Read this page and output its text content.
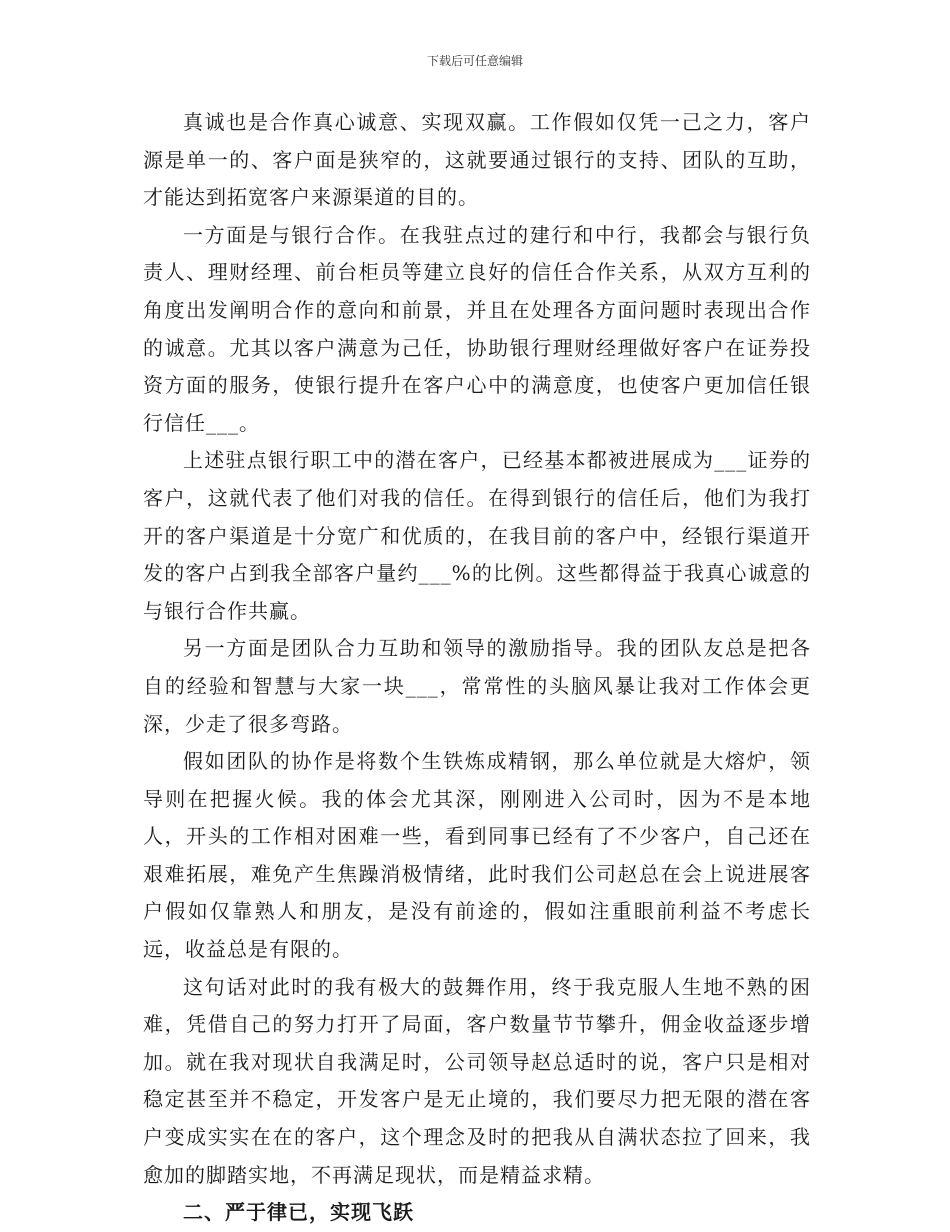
下载后可任意编辑

真诚也是合作真心诚意、实现双赢。工作假如仅凭一己之力，客户源是单一的、客户面是狭窄的，这就要通过银行的支持、团队的互助，才能达到拓宽客户来源渠道的目的。

一方面是与银行合作。在我驻点过的建行和中行，我都会与银行负责人、理财经理、前台柜员等建立良好的信任合作关系，从双方互利的角度出发阐明合作的意向和前景，并且在处理各方面问题时表现出合作的诚意。尤其以客户满意为己任，协助银行理财经理做好客户在证券投资方面的服务，使银行提升在客户心中的满意度，也使客户更加信任银行信任___。

上述驻点银行职工中的潜在客户，已经基本都被进展成为___证券的客户，这就代表了他们对我的信任。在得到银行的信任后，他们为我打开的客户渠道是十分宽广和优质的，在我目前的客户中，经银行渠道开发的客户占到我全部客户量约___%的比例。这些都得益于我真心诚意的与银行合作共赢。

另一方面是团队合力互助和领导的激励指导。我的团队友总是把各自的经验和智慧与大家一块___，常常性的头脑风暴让我对工作体会更深，少走了很多弯路。

假如团队的协作是将数个生铁炼成精钢，那么单位就是大熔炉，领导则在把握火候。我的体会尤其深，刚刚进入公司时，因为不是本地人，开头的工作相对困难一些，看到同事已经有了不少客户，自己还在艰难拓展，难免产生焦躁消极情绪，此时我们公司赵总在会上说进展客户假如仅靠熟人和朋友，是没有前途的，假如注重眼前利益不考虑长远，收益总是有限的。

这句话对此时的我有极大的鼓舞作用，终于我克服人生地不熟的困难，凭借自己的努力打开了局面，客户数量节节攀升，佣金收益逐步增加。就在我对现状自我满足时，公司领导赵总适时的说，客户只是相对稳定甚至并不稳定，开发客户是无止境的，我们要尽力把无限的潜在客户变成实实在在的客户，这个理念及时的把我从自满状态拉了回来，我愈加的脚踏实地，不再满足现状，而是精益求精。

二、严于律已，实现飞跃
